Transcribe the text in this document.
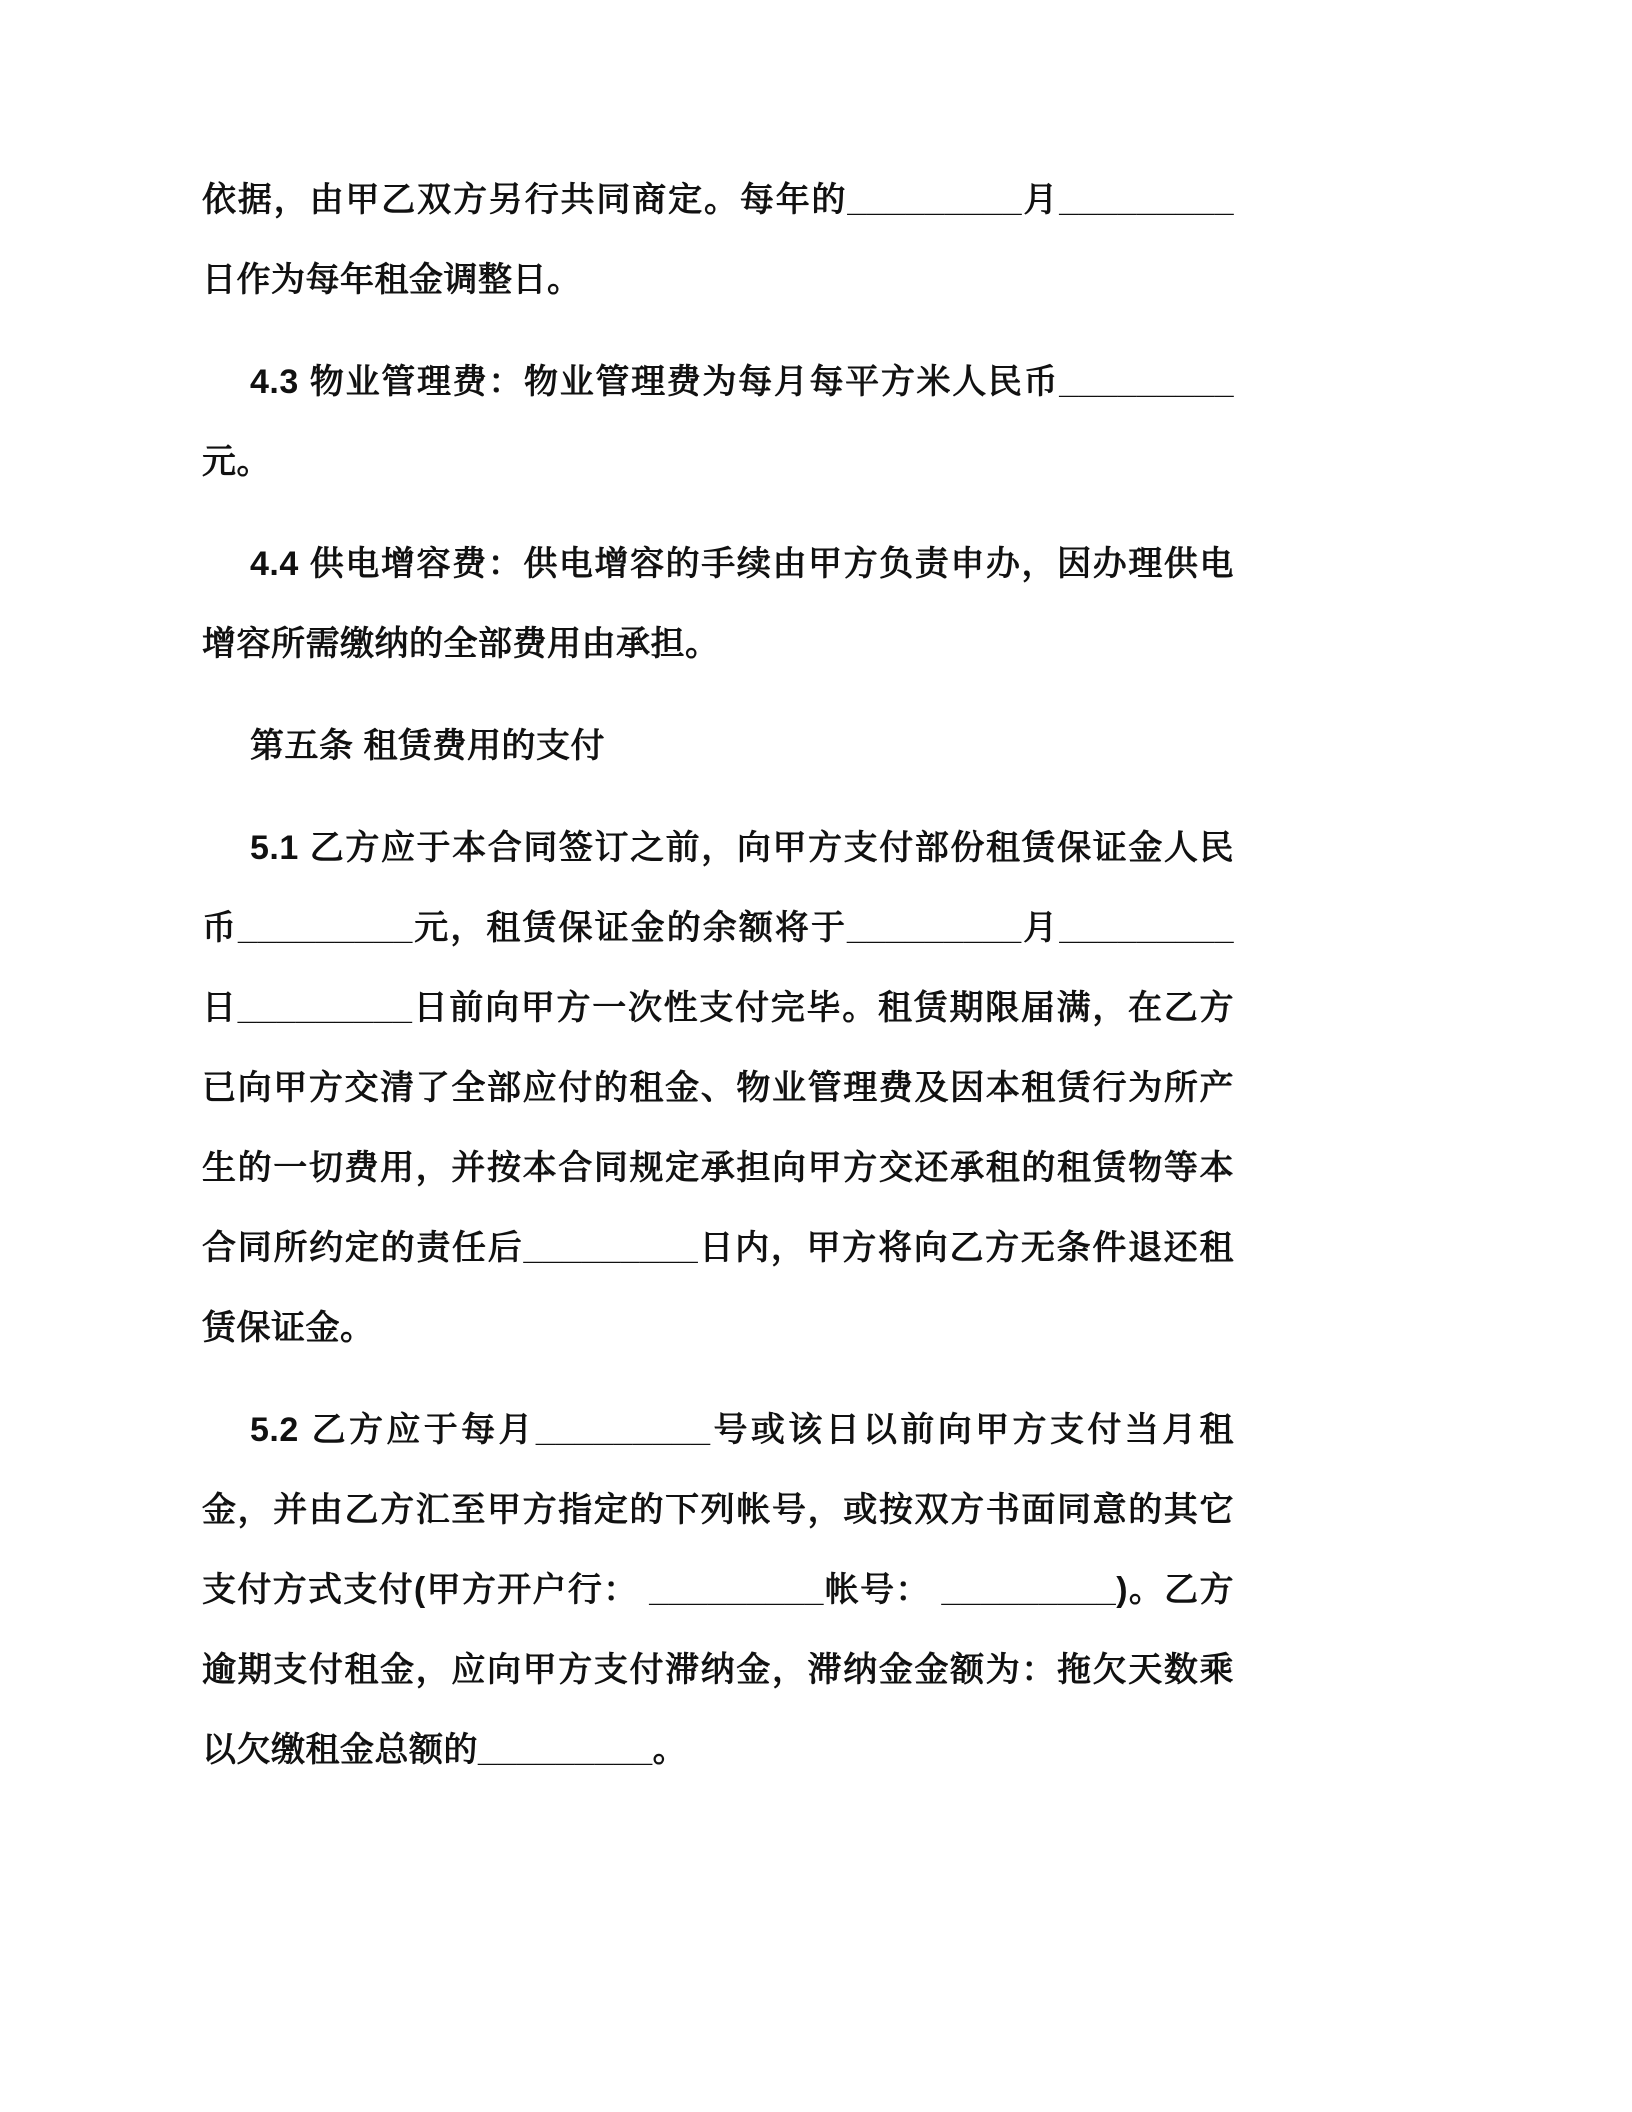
依据，由甲乙双方另行共同商定。每年的_________月_________日作为每年租金调整日。

4.3 物业管理费：物业管理费为每月每平方米人民币_________元。

4.4 供电增容费：供电增容的手续由甲方负责申办，因办理供电增容所需缴纳的全部费用由承担。

第五条 租赁费用的支付

5.1 乙方应于本合同签订之前，向甲方支付部份租赁保证金人民币_________元，租赁保证金的余额将于_________月_________日_________日前向甲方一次性支付完毕。租赁期限届满，在乙方已向甲方交清了全部应付的租金、物业管理费及因本租赁行为所产生的一切费用，并按本合同规定承担向甲方交还承租的租赁物等本合同所约定的责任后_________日内，甲方将向乙方无条件退还租赁保证金。

5.2 乙方应于每月_________号或该日以前向甲方支付当月租金，并由乙方汇至甲方指定的下列帐号，或按双方书面同意的其它支付方式支付(甲方开户行： _________帐号： _________)。乙方逾期支付租金，应向甲方支付滞纳金，滞纳金金额为：拖欠天数乘以欠缴租金总额的_________。
